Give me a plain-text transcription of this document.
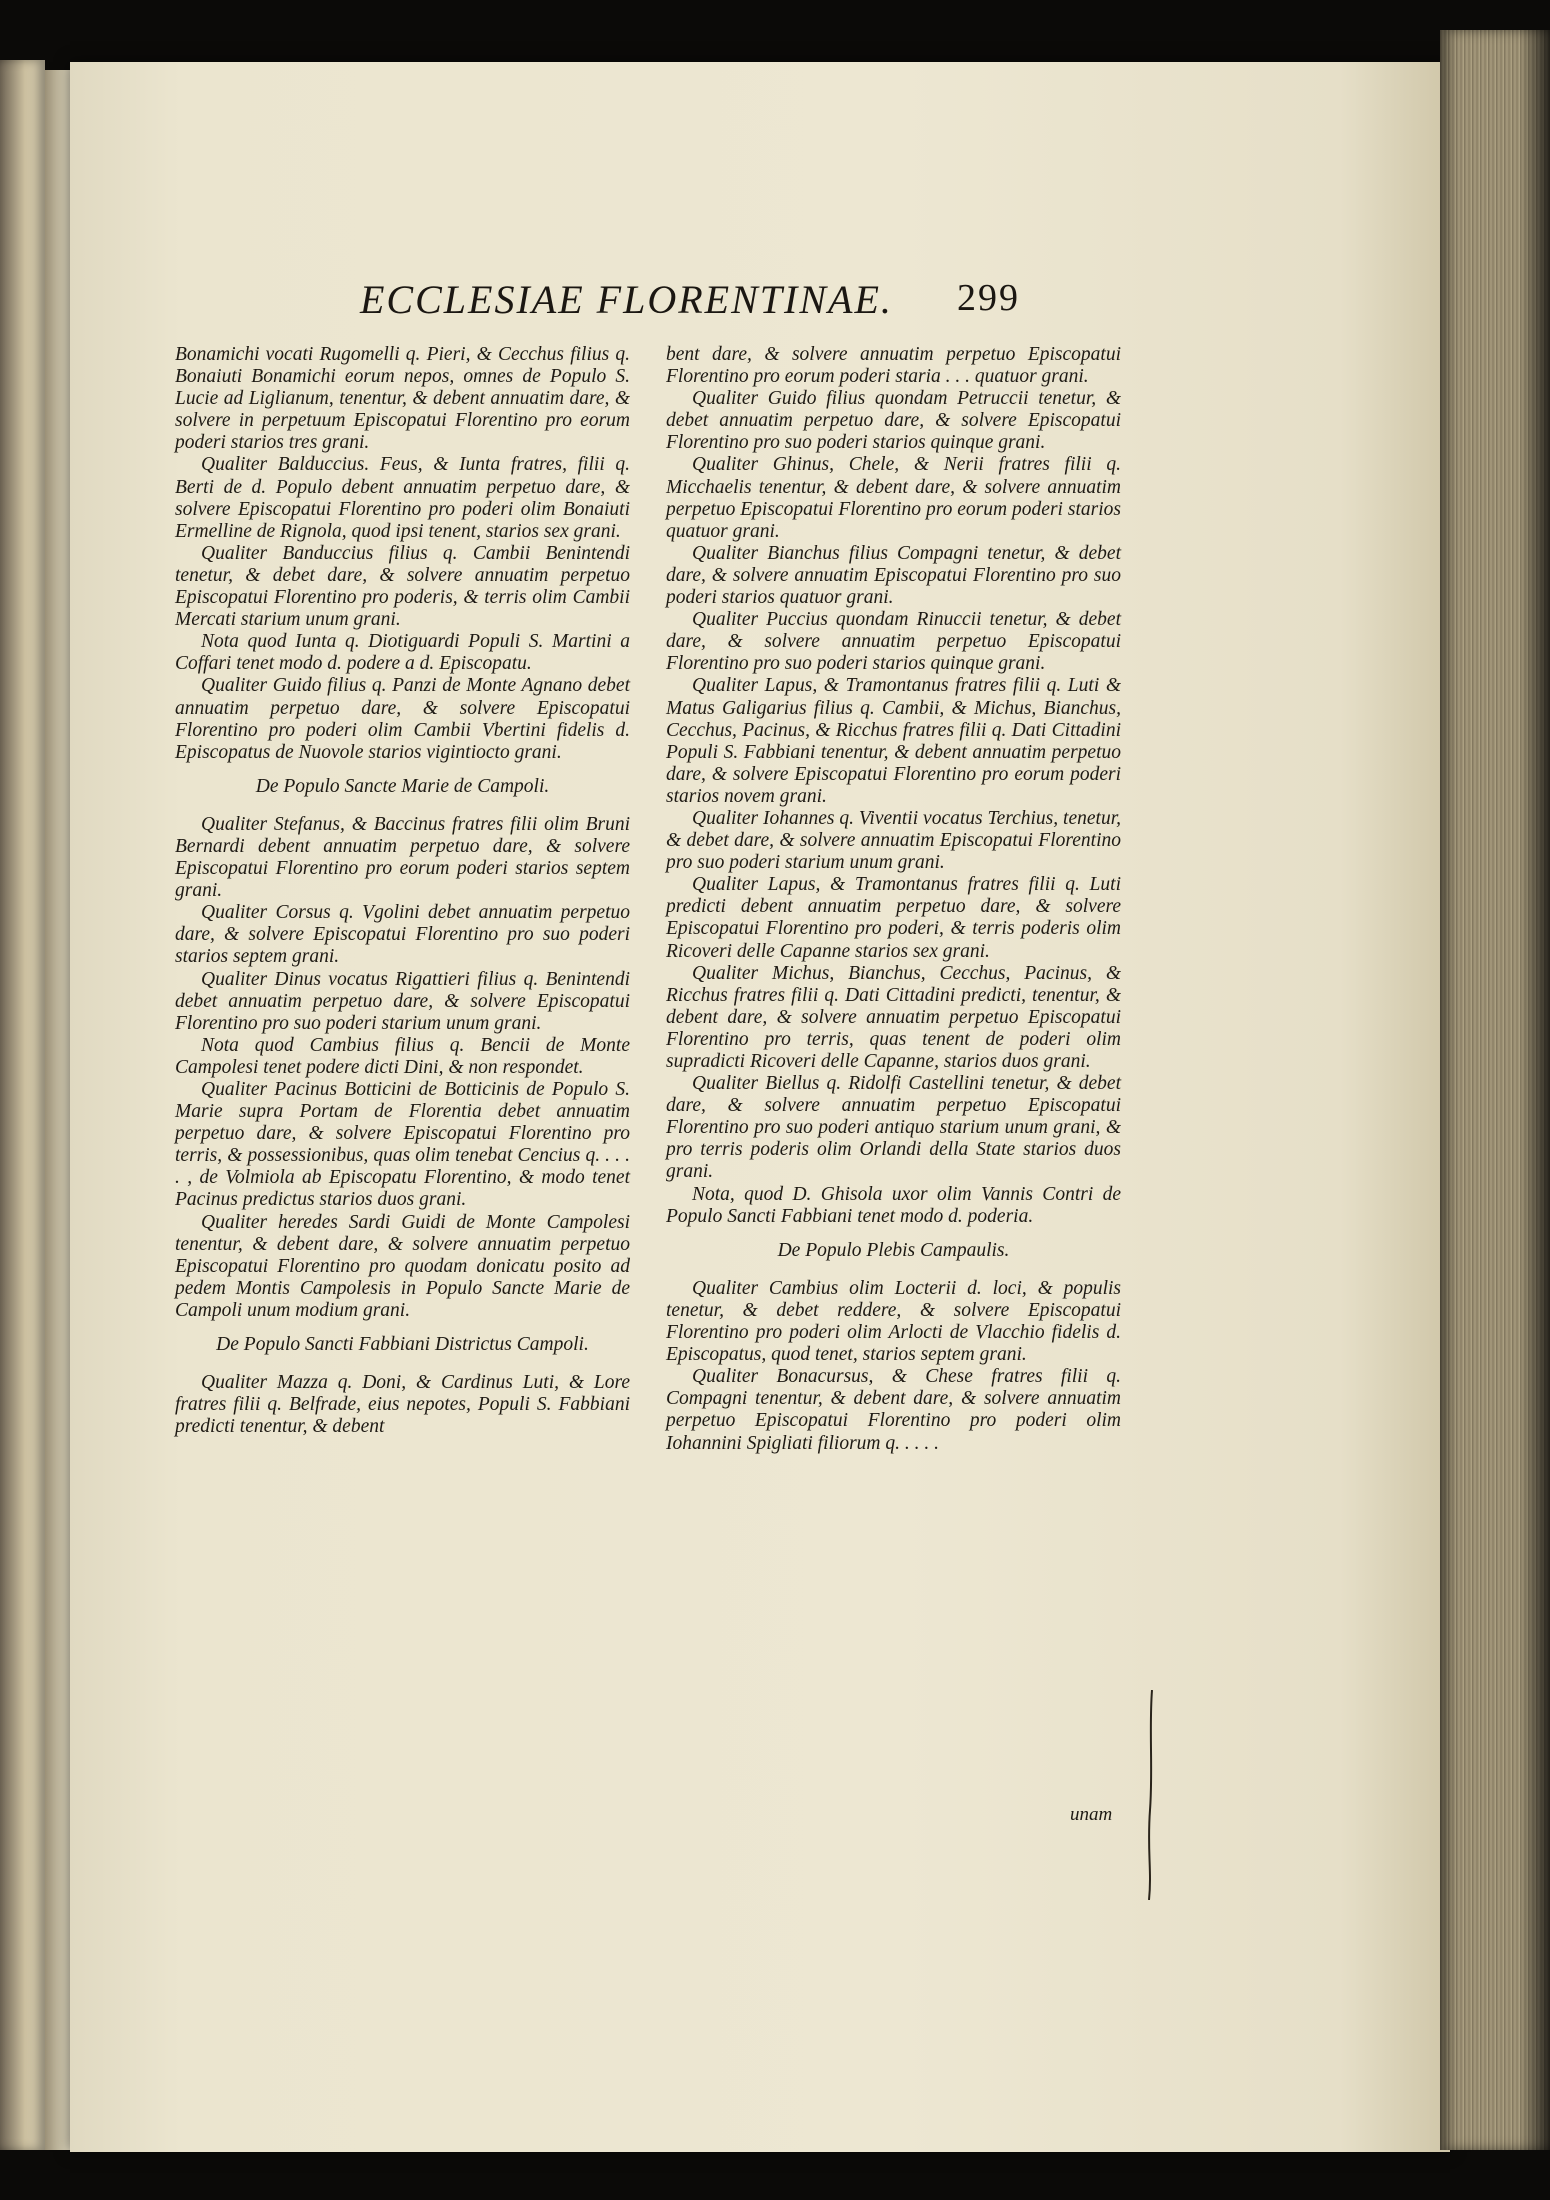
ECCLESIAE FLORENTINAE. 299

Bonamichi vocati Rugomelli q. Pieri, & Cecchus filius q. Bonaiuti Bonamichi eorum nepos, omnes de Populo S. Lucie ad Liglianum, tenentur, & debent annuatim dare, & solvere in perpetuum Episcopatui Florentino pro eorum poderi starios tres grani.

Qualiter Balduccius. Feus, & Iunta fratres, filii q. Berti de d. Populo debent annuatim perpetuo dare, & solvere Episcopatui Florentino pro poderi olim Bonaiuti Ermelline de Rignola, quod ipsi tenent, starios sex grani.

Qualiter Banduccius filius q. Cambii Benintendi tenetur, & debet dare, & solvere annuatim perpetuo Episcopatui Florentino pro poderis, & terris olim Cambii Mercati starium unum grani.

Nota quod Iunta q. Diotiguardi Populi S. Martini a Coffari tenet modo d. podere a d. Episcopatu.

Qualiter Guido filius q. Panzi de Monte Agnano debet annuatim perpetuo dare, & solvere Episcopatui Florentino pro poderi olim Cambii Vbertini fidelis d. Episcopatus de Nuovole starios vigintiocto grani.

De Populo Sancte Marie de Campoli.

Qualiter Stefanus, & Baccinus fratres filii olim Bruni Bernardi debent annuatim perpetuo dare, & solvere Episcopatui Florentino pro eorum poderi starios septem grani.

Qualiter Corsus q. Vgolini debet annuatim perpetuo dare, & solvere Episcopatui Florentino pro suo poderi starios septem grani.

Qualiter Dinus vocatus Rigattieri filius q. Benintendi debet annuatim perpetuo dare, & solvere Episcopatui Florentino pro suo poderi starium unum grani.

Nota quod Cambius filius q. Bencii de Monte Campolesi tenet podere dicti Dini, & non respondet.

Qualiter Pacinus Botticini de Botticinis de Populo S. Marie supra Portam de Florentia debet annuatim perpetuo dare, & solvere Episcopatui Florentino pro terris, & possessionibus, quas olim tenebat Cencius q. . . . . , de Volmiola ab Episcopatu Florentino, & modo tenet Pacinus predictus starios duos grani.

Qualiter heredes Sardi Guidi de Monte Campolesi tenentur, & debent dare, & solvere annuatim perpetuo Episcopatui Florentino pro quodam donicatu posito ad pedem Montis Campolesis in Populo Sancte Marie de Campoli unum modium grani.

De Populo Sancti Fabbiani Districtus Campoli.

Qualiter Mazza q. Doni, & Cardinus Luti, & Lore fratres filii q. Belfrade, eius nepotes, Populi S. Fabbiani predicti tenentur, & debent

bent dare, & solvere annuatim perpetuo Episcopatui Florentino pro eorum poderi staria . . . quatuor grani.

Qualiter Guido filius quondam Petruccii tenetur, & debet annuatim perpetuo dare, & solvere Episcopatui Florentino pro suo poderi starios quinque grani.

Qualiter Ghinus, Chele, & Nerii fratres filii q. Micchaelis tenentur, & debent dare, & solvere annuatim perpetuo Episcopatui Florentino pro eorum poderi starios quatuor grani.

Qualiter Bianchus filius Compagni tenetur, & debet dare, & solvere annuatim Episcopatui Florentino pro suo poderi starios quatuor grani.

Qualiter Puccius quondam Rinuccii tenetur, & debet dare, & solvere annuatim perpetuo Episcopatui Florentino pro suo poderi starios quinque grani.

Qualiter Lapus, & Tramontanus fratres filii q. Luti & Matus Galigarius filius q. Cambii, & Michus, Bianchus, Cecchus, Pacinus, & Ricchus fratres filii q. Dati Cittadini Populi S. Fabbiani tenentur, & debent annuatim perpetuo dare, & solvere Episcopatui Florentino pro eorum poderi starios novem grani.

Qualiter Iohannes q. Viventii vocatus Terchius, tenetur, & debet dare, & solvere annuatim Episcopatui Florentino pro suo poderi starium unum grani.

Qualiter Lapus, & Tramontanus fratres filii q. Luti predicti debent annuatim perpetuo dare, & solvere Episcopatui Florentino pro poderi, & terris poderis olim Ricoveri delle Capanne starios sex grani.

Qualiter Michus, Bianchus, Cecchus, Pacinus, & Ricchus fratres filii q. Dati Cittadini predicti, tenentur, & debent dare, & solvere annuatim perpetuo Episcopatui Florentino pro terris, quas tenent de poderi olim supradicti Ricoveri delle Capanne, starios duos grani.

Qualiter Biellus q. Ridolfi Castellini tenetur, & debet dare, & solvere annuatim perpetuo Episcopatui Florentino pro suo poderi antiquo starium unum grani, & pro terris poderis olim Orlandi della State starios duos grani.

Nota, quod D. Ghisola uxor olim Vannis Contri de Populo Sancti Fabbiani tenet modo d. poderia.

De Populo Plebis Campaulis.

Qualiter Cambius olim Locterii d. loci, & populis tenetur, & debet reddere, & solvere Episcopatui Florentino pro poderi olim Arlocti de Vlacchio fidelis d. Episcopatus, quod tenet, starios septem grani.

Qualiter Bonacursus, & Chese fratres filii q. Compagni tenentur, & debent dare, & solvere annuatim perpetuo Episcopatui Florentino pro poderi olim Iohannini Spigliati filiorum q. . . . .

unam
